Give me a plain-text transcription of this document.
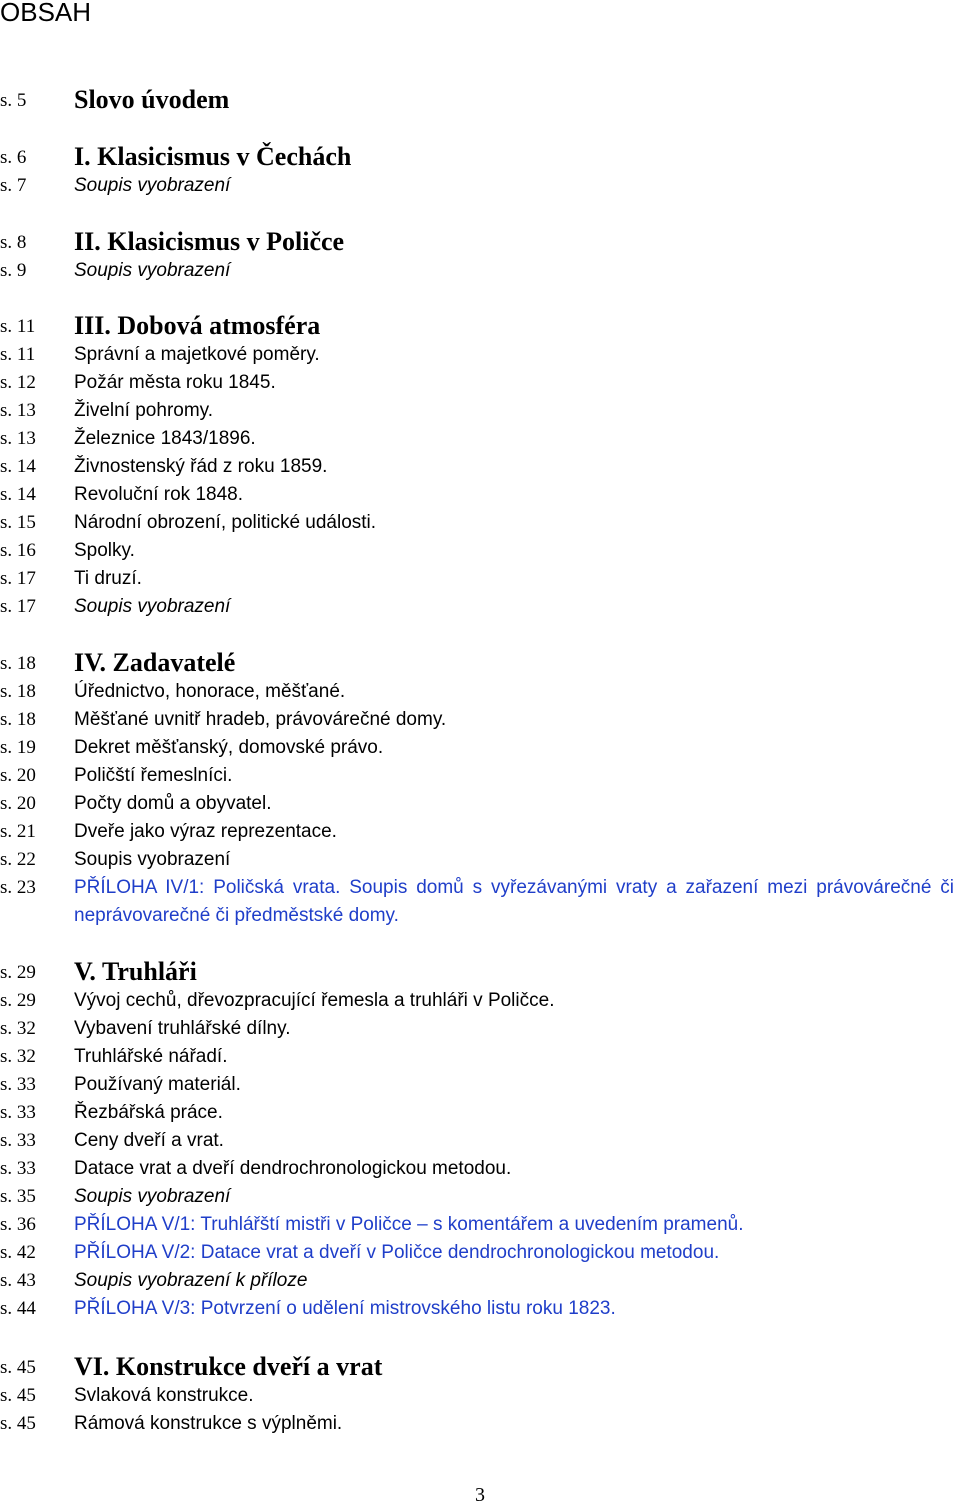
OBSAH
s. 5	Slovo úvodem
s. 6	I. Klasicismus v Čechách
s. 7	Soupis vyobrazení
s. 8	II. Klasicismus v Poličce
s. 9	Soupis vyobrazení
s. 11	III. Dobová atmosféra
s. 11	Správní a majetkové poměry.
s. 12	Požár města roku 1845.
s. 13	Živelní pohromy.
s. 13	Železnice 1843/1896.
s. 14	Živnostenský řád z roku 1859.
s. 14	Revoluční rok 1848.
s. 15	Národní obrození, politické události.
s. 16	Spolky.
s. 17	Ti druzí.
s. 17	Soupis vyobrazení
s. 18	IV. Zadavatelé
s. 18	Úřednictvo, honorace, měšťané.
s. 18	Měšťané uvnitř hradeb, právovárečné domy.
s. 19	Dekret měšťanský, domovské právo.
s. 20	Poličští řemeslníci.
s. 20	Počty domů a obyvatel.
s. 21	Dveře jako výraz reprezentace.
s. 22	Soupis vyobrazení
s. 23	PŘÍLOHA IV/1: Poličská vrata. Soupis domů s vyřezávanými vraty a zařazení mezi právovárečné či neprávovarečné či předměstské domy.
s. 29	V. Truhláři
s. 29	Vývoj cechů, dřevozpracující řemesla a truhláři v Poličce.
s. 32	Vybavení truhlářské dílny.
s. 32	Truhlářské nářadí.
s. 33	Používaný materiál.
s. 33	Řezbářská práce.
s. 33	Ceny dveří a vrat.
s. 33	Datace vrat a dveří dendrochronologickou metodou.
s. 35	Soupis vyobrazení
s. 36	PŘÍLOHA V/1: Truhlářští mistři v Poličce – s komentářem a uvedením pramenů.
s. 42	PŘÍLOHA V/2: Datace vrat a dveří v Poličce dendrochronologickou metodou.
s. 43	Soupis vyobrazení k příloze
s. 44	PŘÍLOHA V/3: Potvrzení o udělení mistrovského listu roku 1823.
s. 45	VI. Konstrukce dveří a vrat
s. 45	Svlaková konstrukce.
s. 45	Rámová konstrukce s výplněmi.
3
